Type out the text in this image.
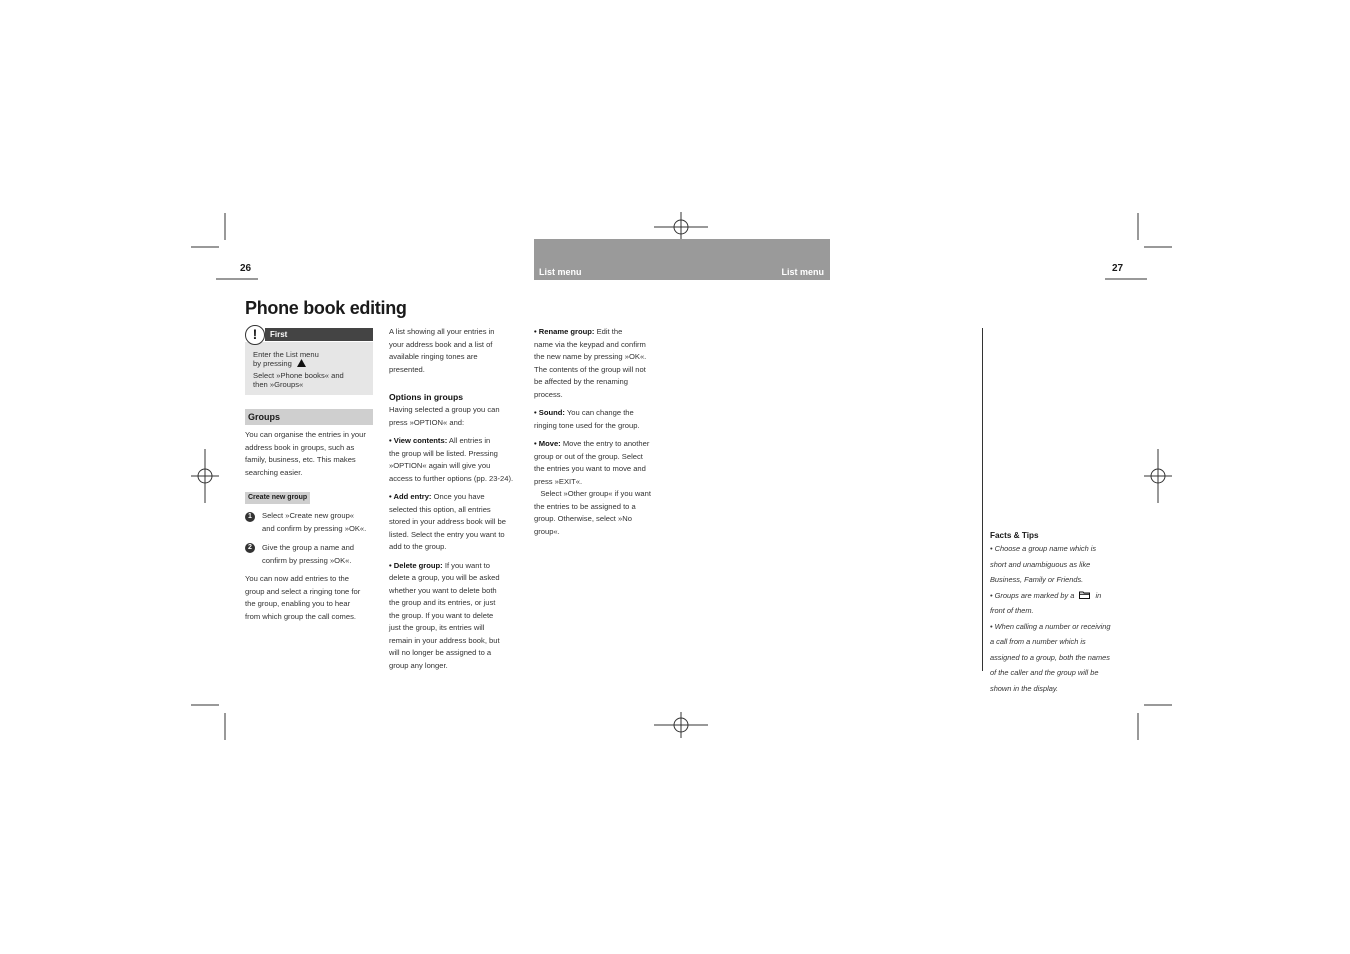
26	27
List menu	List menu
Phone book editing

Enter the List menu

by pressing

Select »Phone books« and

then »Groups«

First
!
Groups

You can organise the entries in your

address book in groups, such as

family, business, etc. This makes

searching easier.

Create new group
1	Select »Create new group«

and confirm by pressing »OK«.

2	Give the group a name and

confirm by pressing »OK«.

You can now add entries to the

group and select a ringing tone for

the group, enabling you to hear

from which group the call comes.

A list showing all your entries in

your address book and a list of

available ringing tones are

presented.

Options in groups

Having selected a group you can

press »OPTION« and:

• View contents: All entries in

the group will be listed. Pressing

»OPTION« again will give you

access to further options (pp. 23-24).

• Add entry: Once you have

selected this option, all entries

stored in your address book will be

listed. Select the entry you want to

add to the group.

• Delete group: If you want to

delete a group, you will be asked

whether you want to delete both

the group and its entries, or just

the group. If you want to delete

just the group, its entries will

remain in your address book, but

will no longer be assigned to a

group any longer.

• Rename group: Edit the

name via the keypad and confirm

the new name by pressing »OK«.

The contents of the group will not

be affected by the renaming

process.

• Sound: You can change the

ringing tone used for the group.

• Move: Move the entry to another

group or out of the group. Select

the entries you want to move and

press »EXIT«.

Select »Other group« if you want

the entries to be assigned to a

group. Otherwise, select »No

group«.	Facts & Tips

• Choose a group name which is

short and unambiguous as like

Business, Family or Friends.

• Groups are marked by a	in

front of them.

• When calling a number or receiving

a call from a number which is

assigned to a group, both the names

of the caller and the group will be

shown in the display.
